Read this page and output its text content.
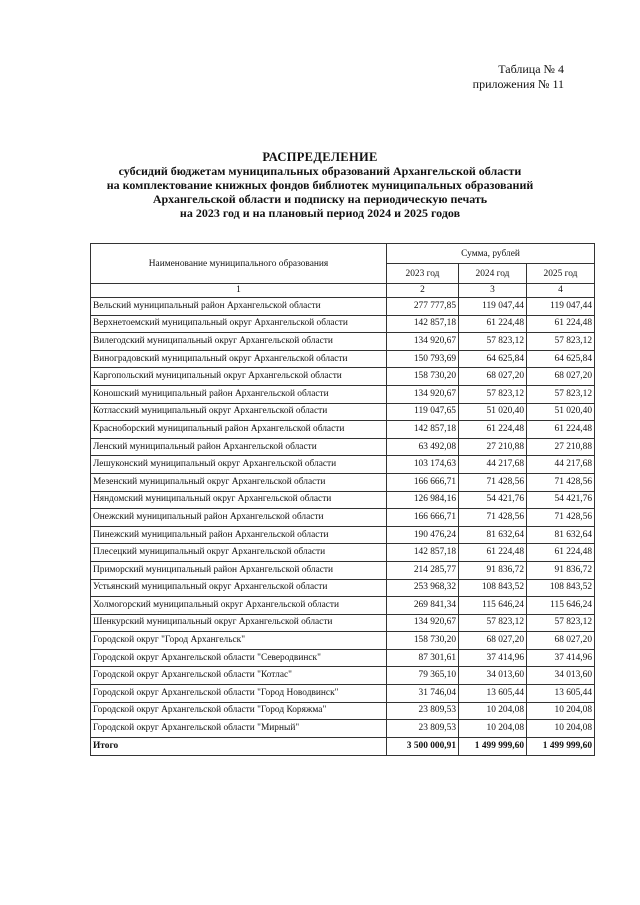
Таблица № 4
приложения № 11
РАСПРЕДЕЛЕНИЕ
субсидий бюджетам муниципальных образований Архангельской области
на комплектование книжных фондов библиотек муниципальных образований
Архангельской области и подписку на периодическую печать
на 2023 год и на плановый период 2024 и 2025 годов
Наименование муниципального образования	Сумма, рублей		
	2023 год	2024 год	2025 год
1	2	3	4
Вельский муниципальный район Архангельской области	277 777,85	119 047,44	119 047,44
Верхнетоемский муниципальный округ Архангельской области	142 857,18	61 224,48	61 224,48
Вилегодский муниципальный округ Архангельской области	134 920,67	57 823,12	57 823,12
Виноградовский муниципальный округ Архангельской области	150 793,69	64 625,84	64 625,84
Каргопольский муниципальный округ Архангельской области	158 730,20	68 027,20	68 027,20
Коношский муниципальный район Архангельской области	134 920,67	57 823,12	57 823,12
Котласский муниципальный округ Архангельской области	119 047,65	51 020,40	51 020,40
Красноборский муниципальный район Архангельской области	142 857,18	61 224,48	61 224,48
Ленский муниципальный район Архангельской области	63 492,08	27 210,88	27 210,88
Лешуконский муниципальный округ Архангельской области	103 174,63	44 217,68	44 217,68
Мезенский муниципальный округ Архангельской области	166 666,71	71 428,56	71 428,56
Няндомский муниципальный округ Архангельской области	126 984,16	54 421,76	54 421,76
Онежский муниципальный район Архангельской области	166 666,71	71 428,56	71 428,56
Пинежский муниципальный район Архангельской области	190 476,24	81 632,64	81 632,64
Плесецкий муниципальный округ Архангельской области	142 857,18	61 224,48	61 224,48
Приморский муниципальный район Архангельской области	214 285,77	91 836,72	91 836,72
Устьянский муниципальный округ Архангельской области	253 968,32	108 843,52	108 843,52
Холмогорский муниципальный округ Архангельской области	269 841,34	115 646,24	115 646,24
Шенкурский муниципальный округ Архангельской области	134 920,67	57 823,12	57 823,12
Городской округ "Город Архангельск"	158 730,20	68 027,20	68 027,20
Городской округ Архангельской области "Северодвинск"	87 301,61	37 414,96	37 414,96
Городской округ Архангельской области "Котлас"	79 365,10	34 013,60	34 013,60
Городской округ Архангельской области "Город Новодвинск"	31 746,04	13 605,44	13 605,44
Городской округ Архангельской области "Город Коряжма"	23 809,53	10 204,08	10 204,08
Городской округ Архангельской области "Мирный"	23 809,53	10 204,08	10 204,08
Итого	3 500 000,91	1 499 999,60	1 499 999,60
